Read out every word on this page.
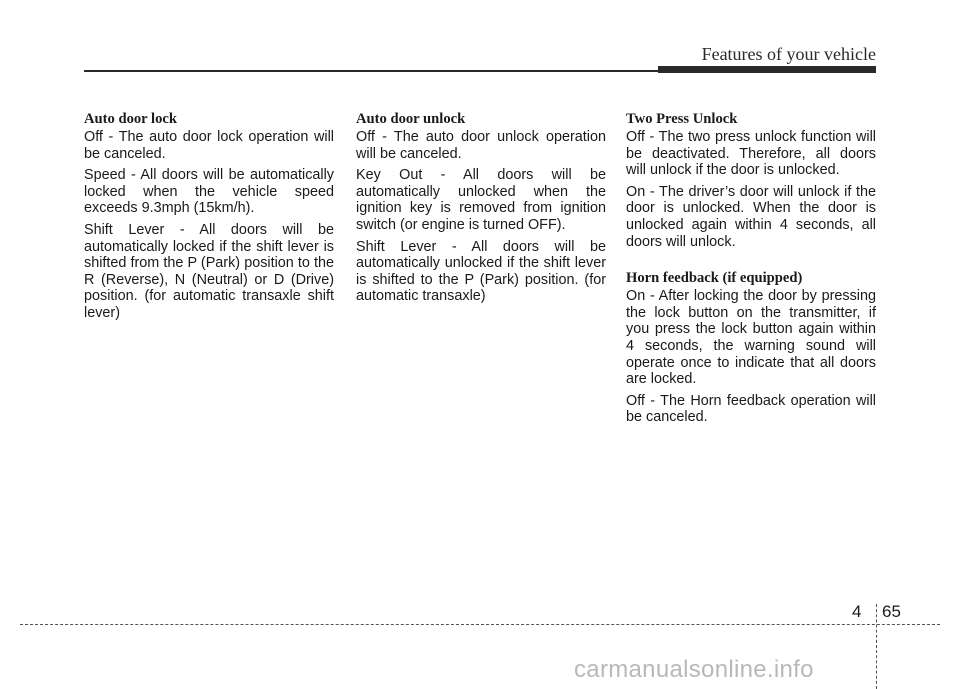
Features of your vehicle
Auto door lock
Off - The auto door lock operation will be canceled.
Speed - All doors will be automatically locked when the vehicle speed exceeds 9.3mph (15km/h).
Shift Lever - All doors will be automatically locked if the shift lever is shifted from the P (Park) position to the R (Reverse), N (Neutral) or D (Drive) position. (for automatic transaxle shift lever)
Auto door unlock
Off - The auto door unlock operation will be canceled.
Key Out - All doors will be automatically unlocked when the ignition key is removed from ignition switch (or engine is turned OFF).
Shift Lever - All doors will be automatically unlocked if the shift lever is shifted to the P (Park) position. (for automatic transaxle)
Two Press Unlock
Off - The two press unlock function will be deactivated. Therefore, all doors will unlock if the door is unlocked.
On - The driver’s door will unlock if the door is unlocked. When the door is unlocked again within 4 seconds, all doors will unlock.
Horn feedback (if equipped)
On - After locking the door by pressing the lock button on the transmitter, if you press the lock button again within 4 seconds, the warning sound will operate once to indicate that all doors are locked.
Off - The Horn feedback operation will be canceled.
4 65
carmanualsonline.info
